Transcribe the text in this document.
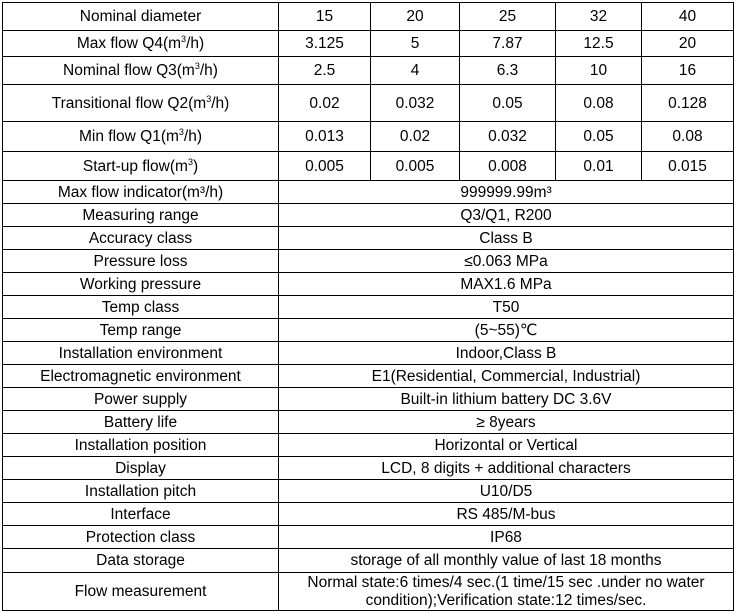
Nominal diameter	15	20	25	32	40
Max flow $Q4(m^3/h)$	3.125	5	7.87	12.5	20
Nominal flow $Q3(m^3/h)$	2.5	4	6.3	10	16
Transitional flow $Q2(m^3/h)$	0.02	0.032	0.05	0.08	0.128
Min flow $Q1(m^3/h)$	0.013	0.02	0.032	0.05	0.08
Start-up $flow(m^3)$	0.005	0.005	0.008	0.01	0.015
Max flow indicator(m³/h)	999999.99m³				
Measuring range	Q3/Q1, R200				
Accuracy class	Class B				
Pressure loss	≤0.063 MPa				
Working pressure	MAX1.6 MPa				
Temp class	T50				
Temp range	(5~55)℃				
Installation environment	Indoor,Class B				
Electromagnetic environment	E1(Residential, Commercial, Industrial)				
Power supply	Built-in lithium battery DC 3.6V				
Battery life	≥ 8years				
Installation position	Horizontal or Vertical				
Display	LCD, 8 digits + additional characters				
Installation pitch	U10/D5				
Interface	RS 485/M-bus				
Protection class	IP68				
Data storage	storage of all monthly value of last 18 months				
Flow measurement	Normal state:6 times/4 sec.(1 time/15 sec .under no water condition);Verification state:12 times/sec.				
